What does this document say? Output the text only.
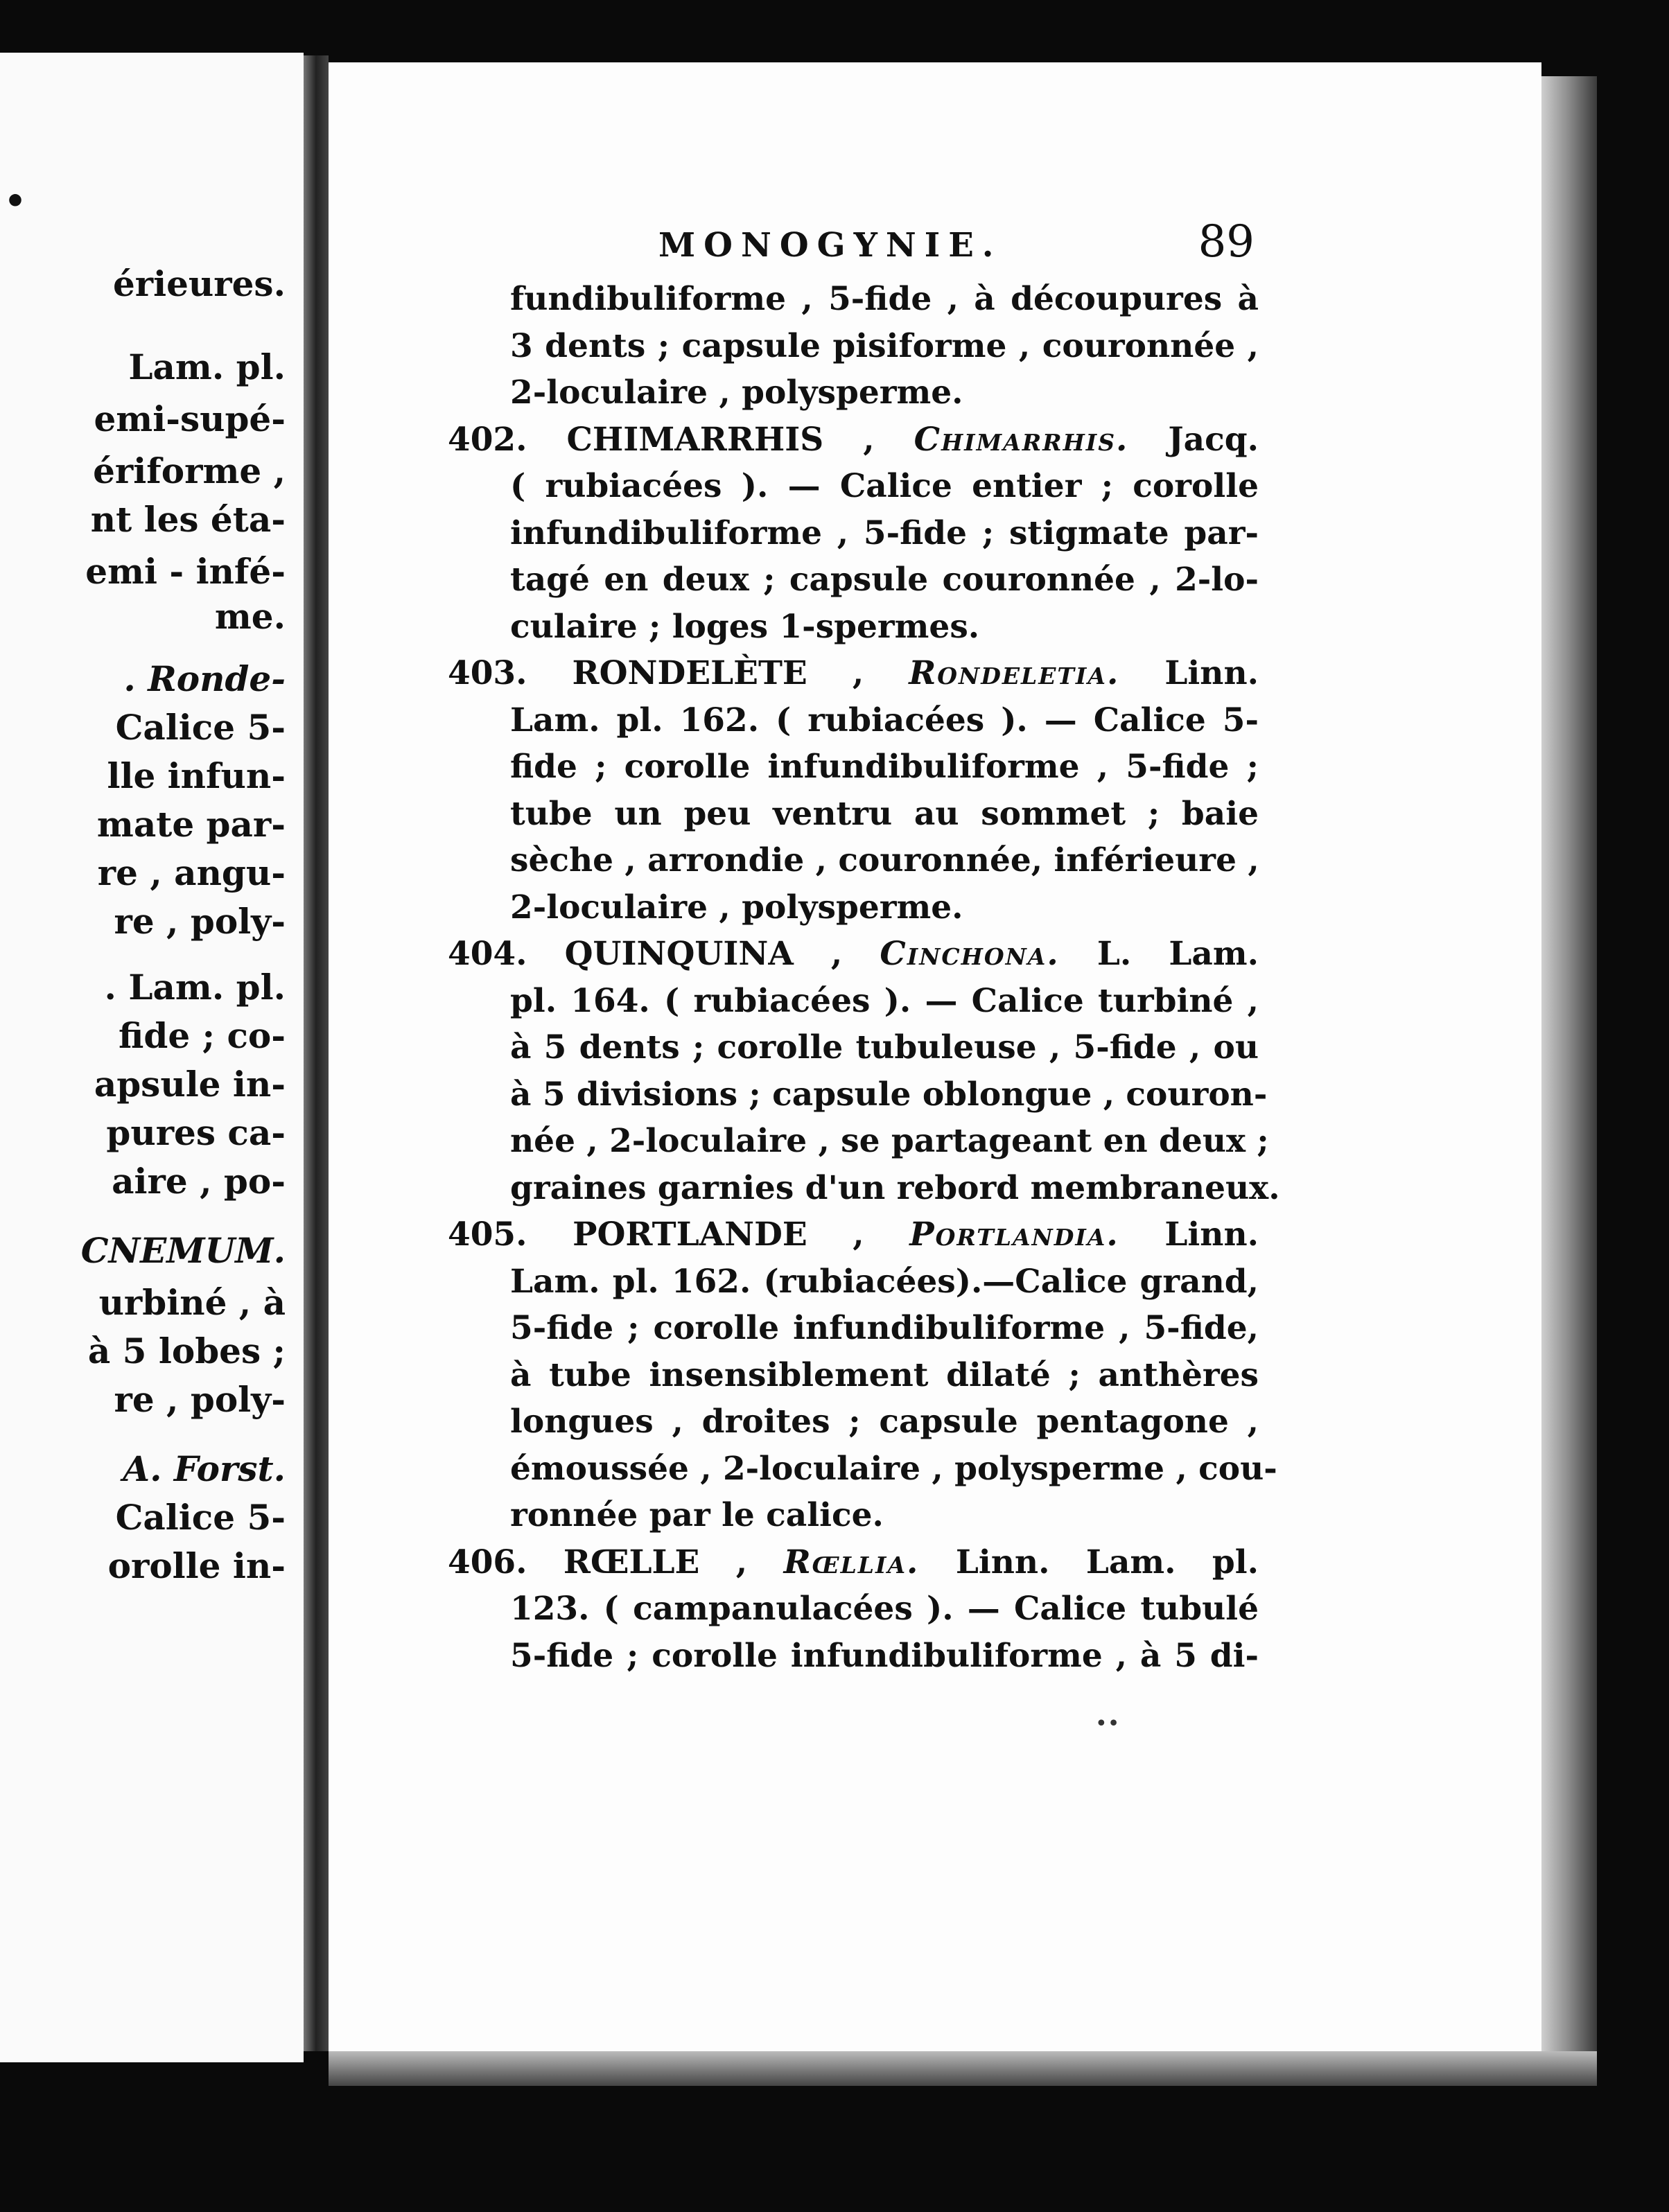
•
érieures.
Lam. pl.
emi-supé-
ériforme ,
nt les éta-
emi - infé-
me.
. Ronde-
Calice 5-
lle infun-
mate par-
re , angu-
re , poly-
. Lam. pl.
fide ; co-
apsule in-
pures ca-
aire , po-
CNEMUM.
urbiné , à
à 5 lobes ;
re , poly-
A. Forst.
Calice 5-
orolle in-
MONOGYNIE.	89
fundibuliforme , 5-fide , à découpures à
3 dents ; capsule pisiforme , couronnée ,
2-loculaire , polysperme.
402. CHIMARRHIS , Chimarrhis. Jacq.
( rubiacées ). — Calice entier ; corolle
infundibuliforme , 5-fide ; stigmate par-
tagé en deux ; capsule couronnée , 2-lo-
culaire ; loges 1-spermes.
403. RONDELÈTE , Rondeletia. Linn.
Lam. pl. 162. ( rubiacées ). — Calice 5-
fide ; corolle infundibuliforme , 5-fide ;
tube un peu ventru au sommet ; baie
sèche , arrondie , couronnée, inférieure ,
2-loculaire , polysperme.
404. QUINQUINA , Cinchona. L. Lam.
pl. 164. ( rubiacées ). — Calice turbiné ,
à 5 dents ; corolle tubuleuse , 5-fide , ou
à 5 divisions ; capsule oblongue , couron-
née , 2-loculaire , se partageant en deux ;
graines garnies d'un rebord membraneux.
405. PORTLANDE , Portlandia. Linn.
Lam. pl. 162. (rubiacées).—Calice grand,
5-fide ; corolle infundibuliforme , 5-fide,
à tube insensiblement dilaté ; anthères
longues , droites ; capsule pentagone ,
émoussée , 2-loculaire , polysperme , cou-
ronnée par le calice.
406. RŒLLE , Rœllia. Linn. Lam. pl.
123. ( campanulacées ). — Calice tubulé
5-fide ; corolle infundibuliforme , à 5 di-
••
